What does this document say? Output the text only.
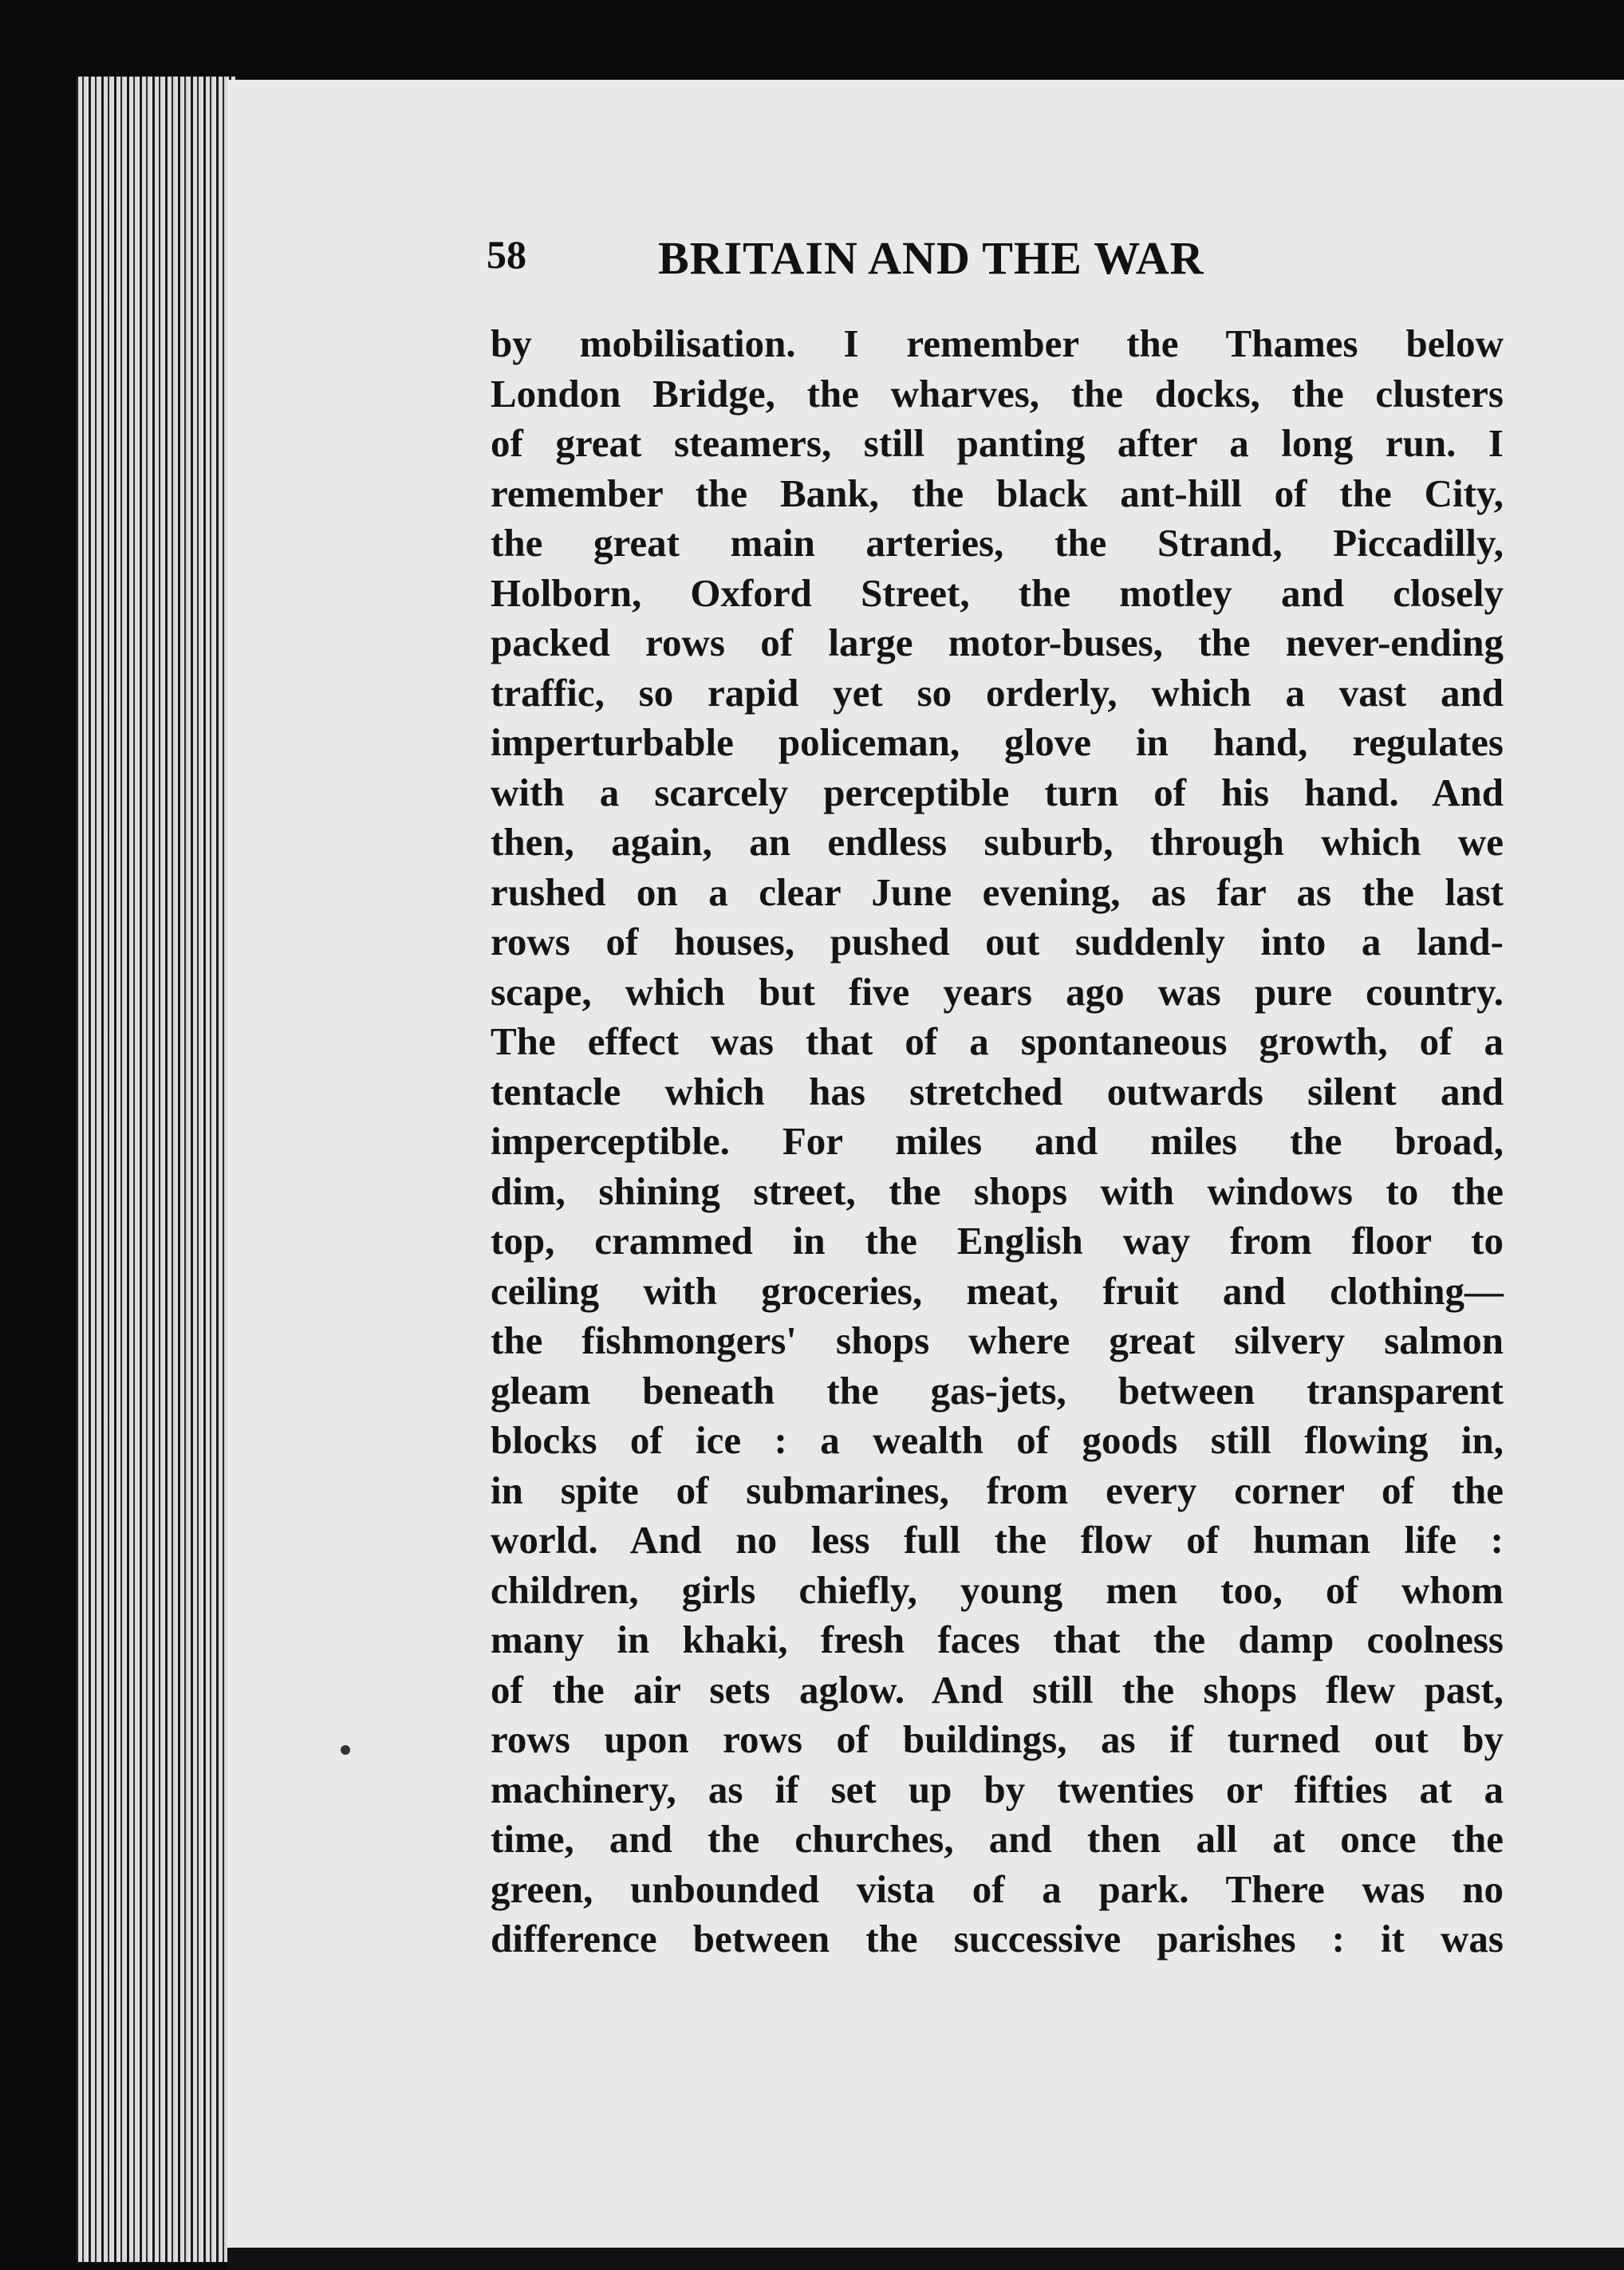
58	BRITAIN AND THE WAR
by mobilisation. I remember the Thames below
London Bridge, the wharves, the docks, the clusters
of great steamers, still panting after a long run. I
remember the Bank, the black ant-hill of the City,
the great main arteries, the Strand, Piccadilly,
Holborn, Oxford Street, the motley and closely
packed rows of large motor-buses, the never-ending
traffic, so rapid yet so orderly, which a vast and
imperturbable policeman, glove in hand, regulates
with a scarcely perceptible turn of his hand. And
then, again, an endless suburb, through which we
rushed on a clear June evening, as far as the last
rows of houses, pushed out suddenly into a land-
scape, which but five years ago was pure country.
The effect was that of a spontaneous growth, of a
tentacle which has stretched outwards silent and
imperceptible. For miles and miles the broad,
dim, shining street, the shops with windows to the
top, crammed in the English way from floor to
ceiling with groceries, meat, fruit and clothing—
the fishmongers' shops where great silvery salmon
gleam beneath the gas-jets, between transparent
blocks of ice : a wealth of goods still flowing in,
in spite of submarines, from every corner of the
world. And no less full the flow of human life :
children, girls chiefly, young men too, of whom
many in khaki, fresh faces that the damp coolness
of the air sets aglow. And still the shops flew past,
rows upon rows of buildings, as if turned out by
machinery, as if set up by twenties or fifties at a
time, and the churches, and then all at once the
green, unbounded vista of a park. There was no
difference between the successive parishes : it was
